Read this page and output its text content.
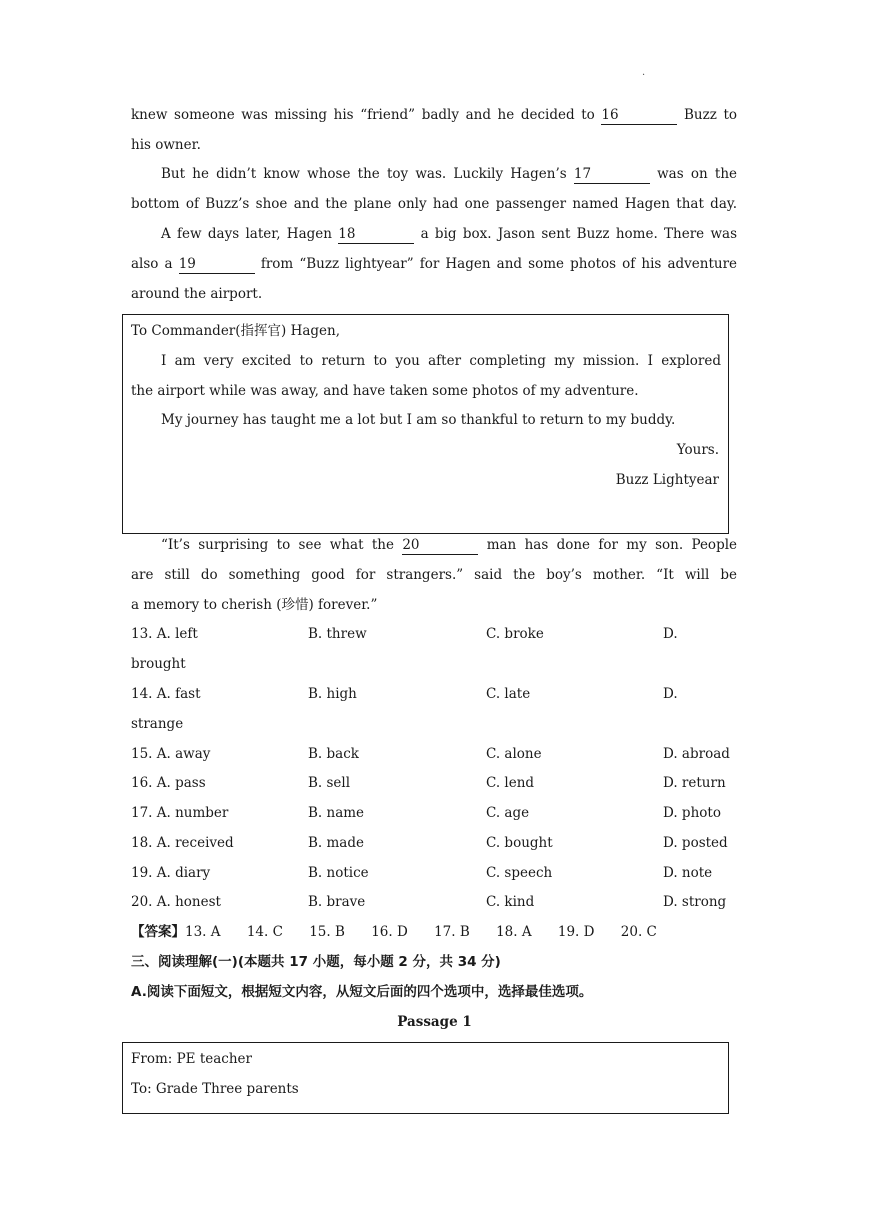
·
knew someone was missing his “friend” badly and he decided to 16	Buzz to
his owner.
But he didn’t know whose the toy was. Luckily Hagen’s 17	was on the
bottom of Buzz’s shoe and the plane only had one passenger named Hagen that day.
A few days later, Hagen 18	a big box. Jason sent Buzz home. There was
also a 19	from “Buzz lightyear” for Hagen and some photos of his adventure
around the airport.
To Commander(指挥官) Hagen,
I am very excited to return to you after completing my mission. I explored
the airport while was away, and have taken some photos of my adventure.
My journey has taught me a lot but I am so thankful to return to my buddy.
Yours.
Buzz Lightyear
“It’s surprising to see what the 20	man has done for my son. People
are still do something good for strangers.” said the boy’s mother. “It will be
a memory to cherish (珍惜) forever.”
13. A. left	B. threw	C. broke	D.
brought
14. A. fast	B. high	C. late	D.
strange
15. A. away	B. back	C. alone	D. abroad
16. A. pass	B. sell	C. lend	D. return
17. A. number	B. name	C. age	D. photo
18. A. received	B. made	C. bought	D. posted
19. A. diary	B. notice	C. speech	D. note
20. A. honest	B. brave	C. kind	D. strong
【答案】13. A 14. C 15. B 16. D 17. B 18. A 19. D 20. C
三、阅读理解(一)(本题共 17 小题，每小题 2 分，共 34 分)
A.阅读下面短文，根据短文内容，从短文后面的四个选项中，选择最佳选项。
Passage 1
From: PE teacher
To: Grade Three parents
